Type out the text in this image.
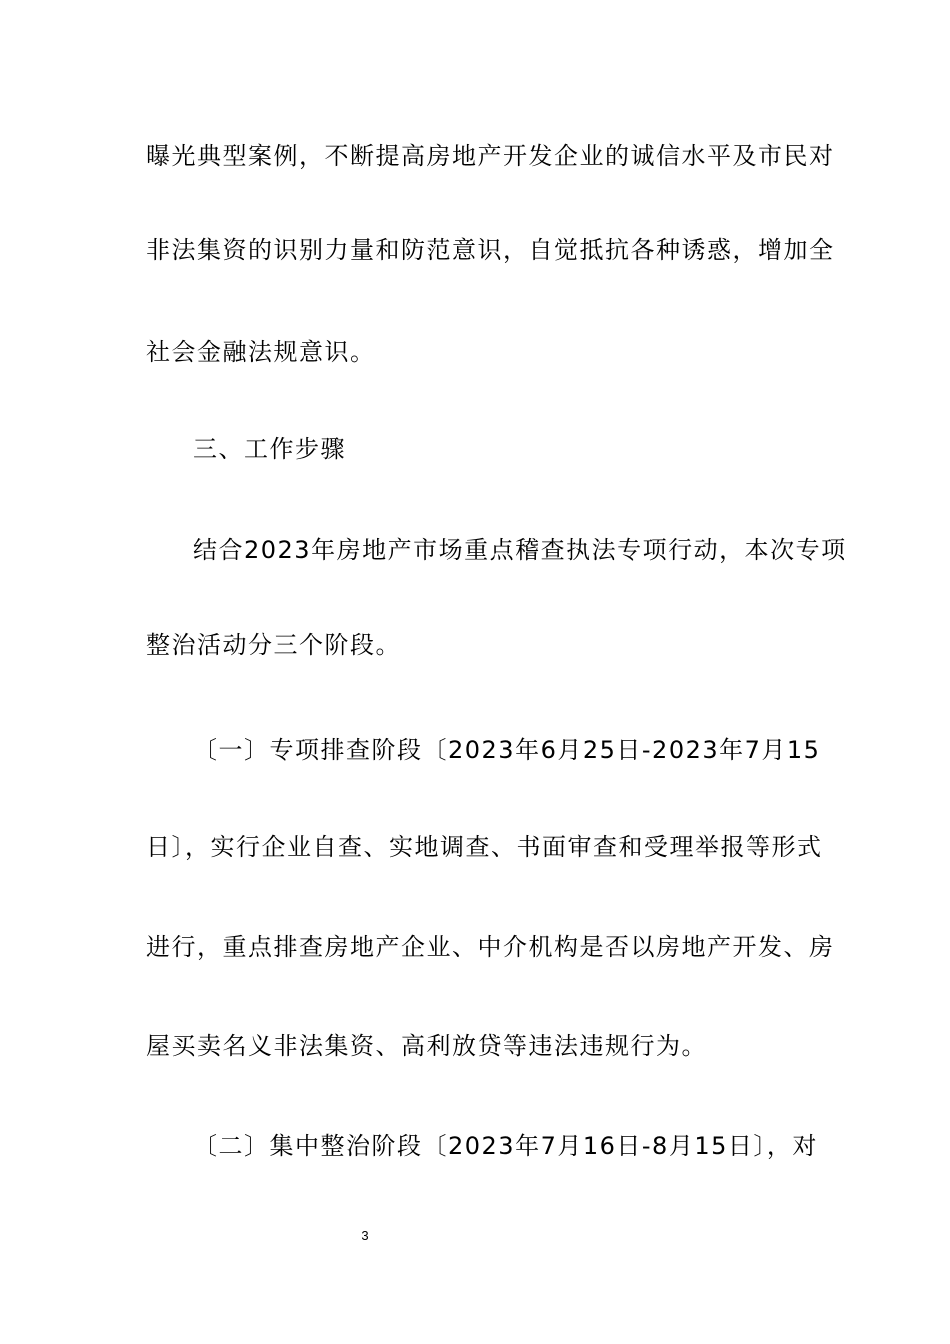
曝光典型案例，不断提高房地产开发企业的诚信水平及市民对
非法集资的识别力量和防范意识，自觉抵抗各种诱惑，增加全
社会金融法规意识。
三、工作步骤
结合2023年房地产市场重点稽查执法专项行动，本次专项
整治活动分三个阶段。
〔一〕专项排查阶段〔2023年6月25日-2023年7月15
日〕，实行企业自查、实地调查、书面审查和受理举报等形式
进行，重点排查房地产企业、中介机构是否以房地产开发、房
屋买卖名义非法集资、高利放贷等违法违规行为。
〔二〕集中整治阶段〔2023年7月16日-8月15日〕，对
3
